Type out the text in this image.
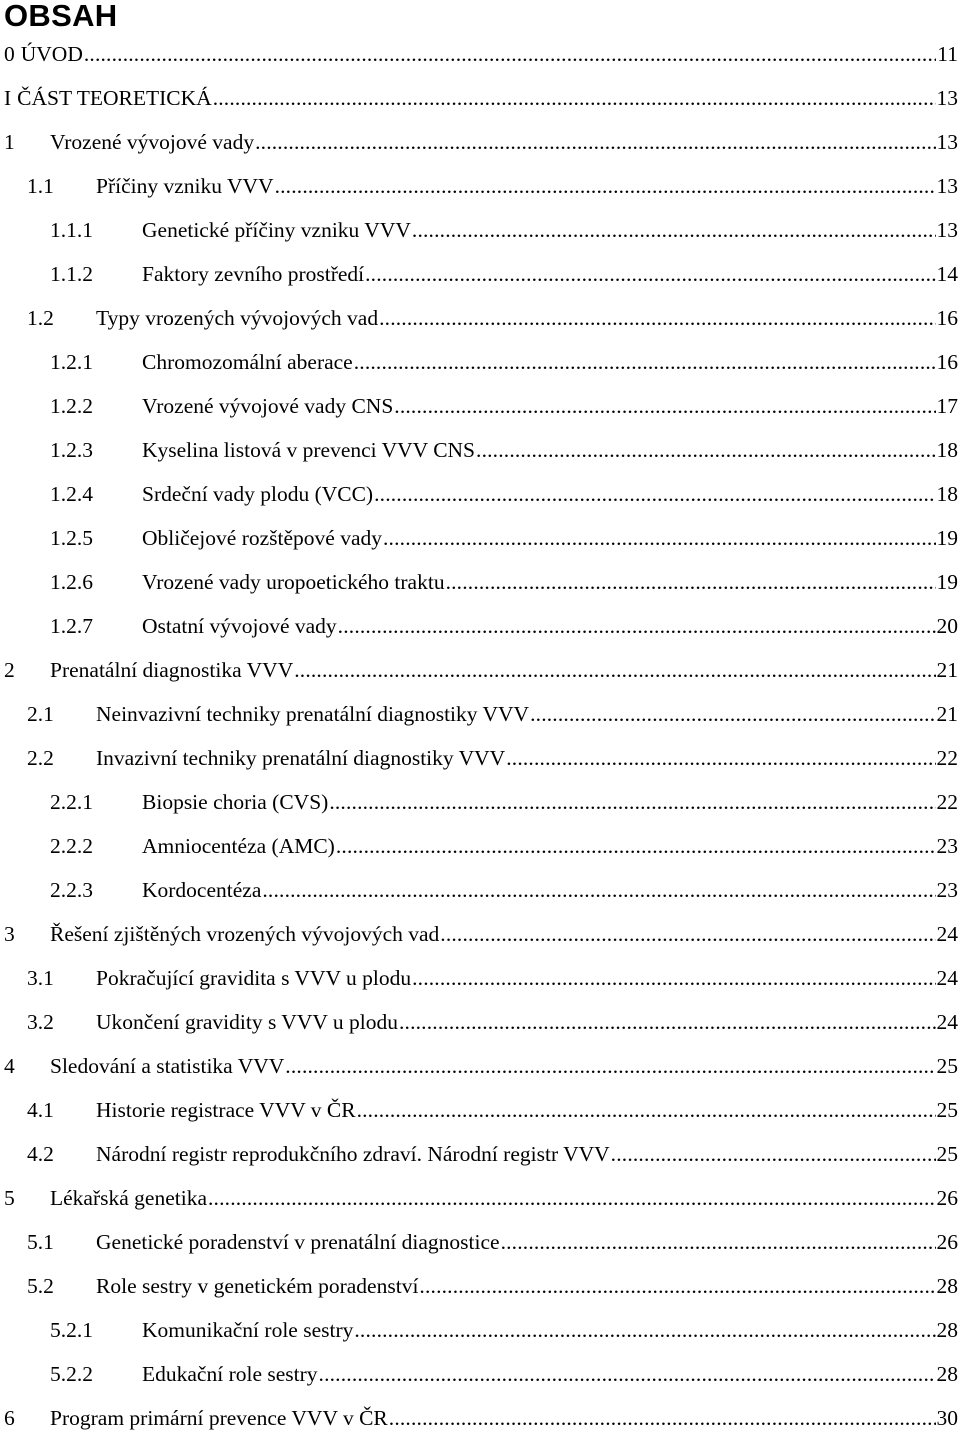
OBSAH
0 ÚVOD . . .	11
I ČÁST TEORETICKÁ . . .	13
1	Vrozené vývojové vady . . .	13
1.1	Příčiny vzniku VVV . . .	13
1.1.1	Genetické příčiny vzniku VVV . . .	13
1.1.2	Faktory zevního prostředí . . .	14
1.2	Typy vrozených vývojových vad . . .	16
1.2.1	Chromozomální aberace . . .	16
1.2.2	Vrozené vývojové vady CNS . . .	17
1.2.3	Kyselina listová v prevenci VVV CNS . . .	18
1.2.4	Srdeční vady plodu (VCC) . . .	18
1.2.5	Obličejové rozštěpové vady . . .	19
1.2.6	Vrozené vady uropoetického traktu . . .	19
1.2.7	Ostatní vývojové vady . . .	20
2	Prenatální diagnostika VVV . . .	21
2.1	Neinvazivní techniky prenatální diagnostiky VVV . . .	21
2.2	Invazivní techniky prenatální diagnostiky VVV . . .	22
2.2.1	Biopsie choria (CVS) . . .	22
2.2.2	Amniocentéza (AMC) . . .	23
2.2.3	Kordocentéza . . .	23
3	Řešení zjištěných vrozených vývojových vad . . .	24
3.1	Pokračující gravidita s VVV u plodu . . .	24
3.2	Ukončení gravidity s VVV u plodu . . .	24
4	Sledování a statistika VVV . . .	25
4.1	Historie registrace VVV v ČR . . .	25
4.2	Národní registr reprodukčního zdraví. Národní registr VVV . . .	25
5	Lékařská genetika . . .	26
5.1	Genetické poradenství v prenatální diagnostice . . .	26
5.2	Role sestry v genetickém poradenství . . .	28
5.2.1	Komunikační role sestry . . .	28
5.2.2	Edukační role sestry . . .	28
6	Program primární prevence VVV v ČR . . .	30
